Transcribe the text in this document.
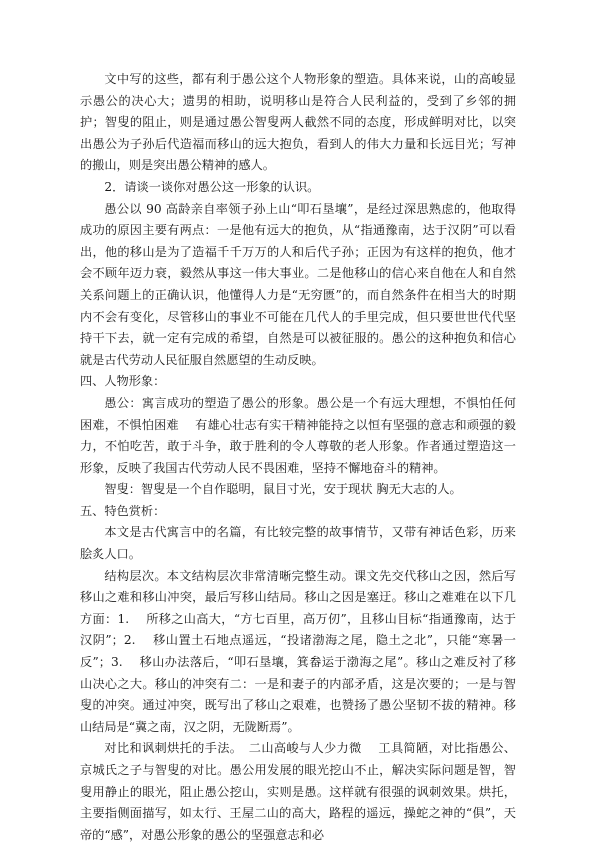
文中写的这些，都有利于愚公这个人物形象的塑造。具体来说，山的高峻显示愚公的决心大；遗男的相助，说明移山是符合人民利益的，受到了乡邻的拥护；智叟的阻止，则是通过愚公智叟两人截然不同的态度，形成鲜明对比，以突出愚公为子孙后代造福而移山的远大抱负，看到人的伟大力量和长远目光；写神的搬山，则是突出愚公精神的感人。

2．请谈一谈你对愚公这一形象的认识。

愚公以 90 高龄亲自率领子孙上山“叩石垦壤”，是经过深思熟虑的，他取得成功的原因主要有两点：一是他有远大的抱负，从“指通豫南，达于汉阴”可以看出，他的移山是为了造福千千万万的人和后代子孙；正因为有这样的抱负，他才会不顾年迈力衰，毅然从事这一伟大事业。二是他移山的信心来自他在人和自然关系问题上的正确认识，他懂得人力是“无穷匮”的，而自然条件在相当大的时期内不会有变化，尽管移山的事业不可能在几代人的手里完成，但只要世世代代坚持干下去，就一定有完成的希望，自然是可以被征服的。愚公的这种抱负和信心就是古代劳动人民征服自然愿望的生动反映。

四、人物形象：

愚公：寓言成功的塑造了愚公的形象。愚公是一个有远大理想，不惧怕任何困难，不惧怕困难　 有雄心壮志有实干精神能持之以恒有坚强的意志和顽强的毅力，不怕吃苦，敢于斗争，敢于胜利的令人尊敬的老人形象。作者通过塑造这一形象，反映了我国古代劳动人民不畏困难，坚持不懈地奋斗的精神。

智叟：智叟是一个自作聪明，鼠目寸光，安于现状 胸无大志的人。

五、特色赏析：

本文是古代寓言中的名篇，有比较完整的故事情节，又带有神话色彩，历来脍炙人口。

结构层次。本文结构层次非常清晰完整生动。课文先交代移山之因，然后写移山之难和移山冲突，最后写移山结局。移山之因是塞迂。移山之难难在以下几方面：1.　 所移之山高大，“方七百里，高万仞”，且移山目标“指通豫南，达于汉阴”；2.　 移山置土石地点遥远，“投诸渤海之尾，隐土之北”，只能“寒暑一反”；3.　 移山办法落后，“叩石垦壤，箕畚运于渤海之尾”。移山之难反衬了移山决心之大。移山的冲突有二：一是和妻子的内部矛盾，这是次要的；一是与智叟的冲突。通过冲突，既写出了移山之艰难，也赞扬了愚公坚韧不拔的精神。移山结局是“冀之南，汉之阴，无陇断焉”。

对比和讽刺烘托的手法。　二山高峻与人少力微　 工具简陋，对比指愚公、京城氏之子与智叟的对比。愚公用发展的眼光挖山不止，解决实际问题是智，智叟用静止的眼光，阻止愚公挖山，实则是愚。这样就有很强的讽刺效果。烘托，主要指侧面描写，如太行、王屋二山的高大，路程的遥远，操蛇之神的“俱”，天帝的“感”，对愚公形象的愚公的坚强意志和必
